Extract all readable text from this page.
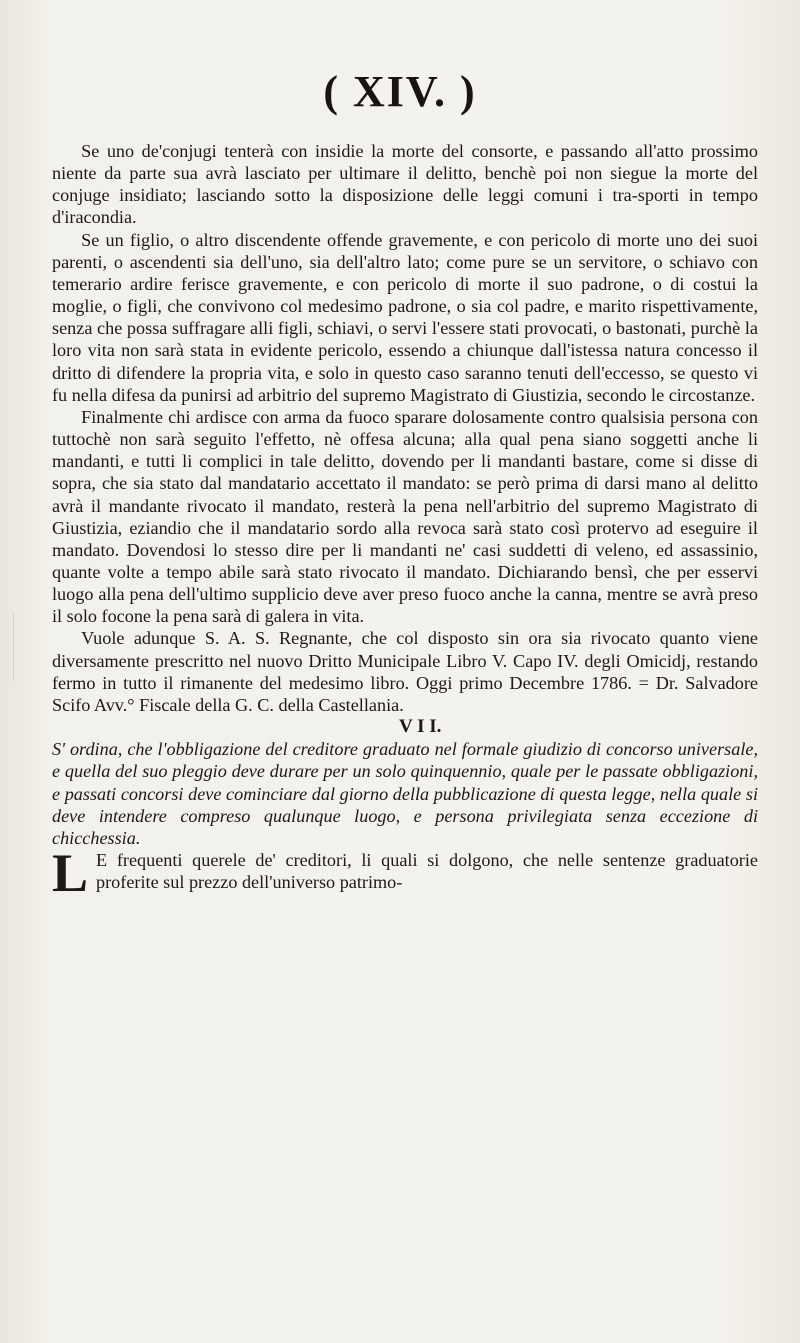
( XIV. )

Se uno de'conjugi tenterà con insidie la morte del consorte, e passando all'atto prossimo niente da parte sua avrà lasciato per ultimare il delitto, benchè poi non siegue la morte del conjuge insidiato; lasciando sotto la disposizione delle leggi comuni i tra-sporti in tempo d'iracondia.

Se un figlio, o altro discendente offende gravemente, e con pericolo di morte uno dei suoi parenti, o ascendenti sia dell'uno, sia dell'altro lato; come pure se un servitore, o schiavo con temerario ardire ferisce gravemente, e con pericolo di morte il suo padrone, o di costui la moglie, o figli, che convivono col medesimo padrone, o sia col padre, e marito rispettivamente, senza che possa suffragare alli figli, schiavi, o servi l'essere stati provocati, o bastonati, purchè la loro vita non sarà stata in evidente pericolo, essendo a chiunque dall'istessa natura concesso il dritto di difendere la propria vita, e solo in questo caso saranno tenuti dell'eccesso, se questo vi fu nella difesa da punirsi ad arbitrio del supremo Magistrato di Giustizia, secondo le circostanze.

Finalmente chi ardisce con arma da fuoco sparare dolosamente contro qualsisia persona con tuttochè non sarà seguito l'effetto, nè offesa alcuna; alla qual pena siano soggetti anche li mandanti, e tutti li complici in tale delitto, dovendo per li mandanti bastare, come si disse di sopra, che sia stato dal mandatario accettato il mandato: se però prima di darsi mano al delitto avrà il mandante rivocato il mandato, resterà la pena nell'arbitrio del supremo Magistrato di Giustizia, eziandio che il mandatario sordo alla revoca sarà stato così protervo ad eseguire il mandato. Dovendosi lo stesso dire per li mandanti ne' casi suddetti di veleno, ed assassinio, quante volte a tempo abile sarà stato rivocato il mandato. Dichiarando bensì, che per esservi luogo alla pena dell'ultimo supplicio deve aver preso fuoco anche la canna, mentre se avrà preso il solo focone la pena sarà di galera in vita.

Vuole adunque S. A. S. Regnante, che col disposto sin ora sia rivocato quanto viene diversamente prescritto nel nuovo Dritto Municipale Libro V. Capo IV. degli Omicidj, restando fermo in tutto il rimanente del medesimo libro. Oggi primo Decembre 1786. = Dr. Salvadore Scifo Avv.° Fiscale della G. C. della Castellania.

V I I.

S' ordina, che l'obbligazione del creditore graduato nel formale giudizio di concorso universale, e quella del suo pleggio deve durare per un solo quinquennio, quale per le passate obbligazioni, e passati concorsi deve cominciare dal giorno della pubblicazione di questa legge, nella quale si deve intendere compreso qualunque luogo, e persona privilegiata senza eccezione di chicchessia.

L E frequenti querele de' creditori, li quali si dolgono, che nelle sentenze graduatorie proferite sul prezzo dell'universo patrimo-
